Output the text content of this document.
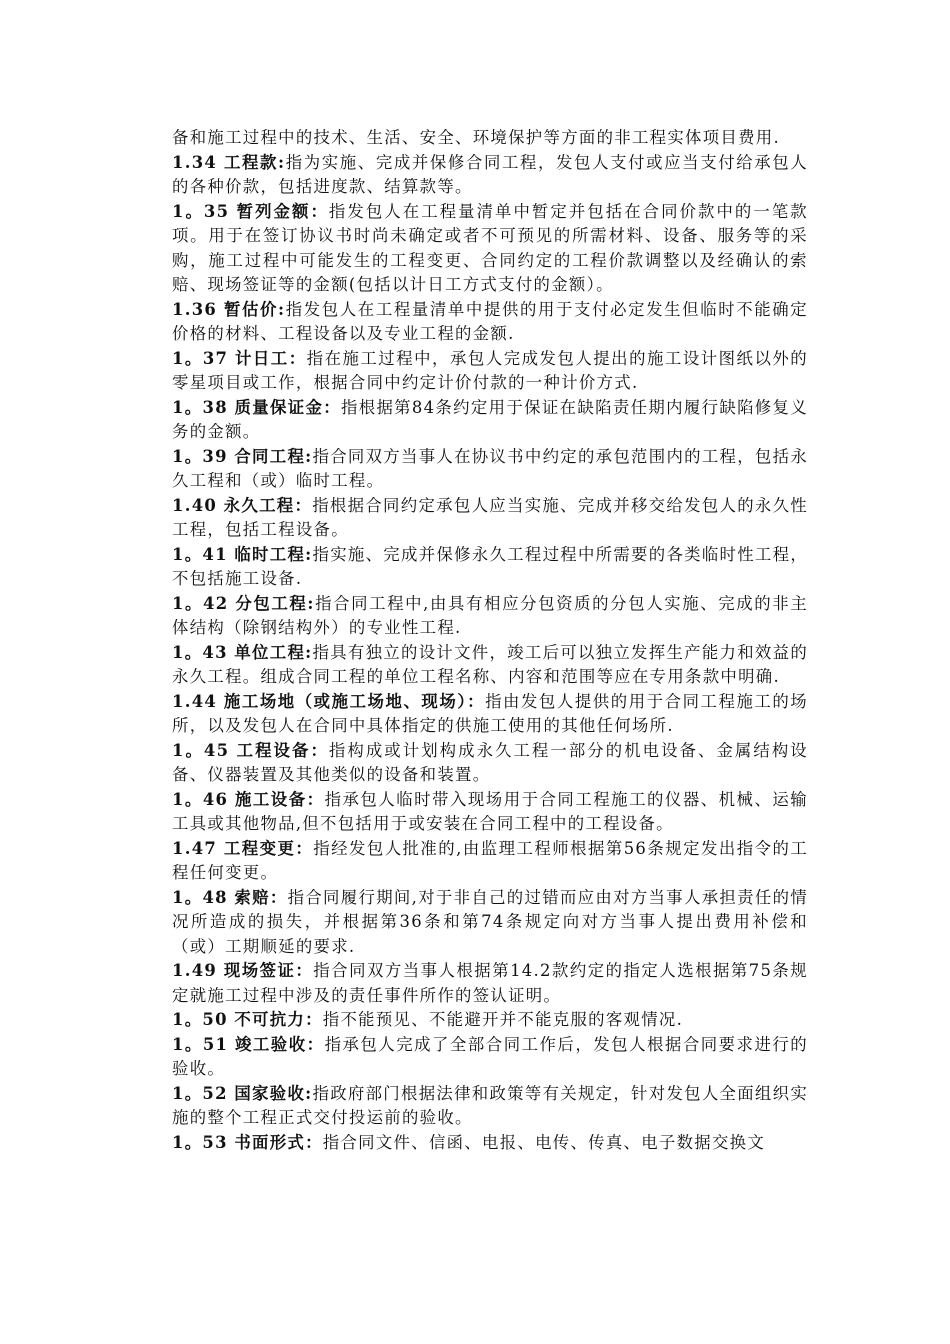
备和施工过程中的技术、生活、安全、环境保护等方面的非工程实体项目费用.

1.34 工程款:指为实施、完成并保修合同工程，发包人支付或应当支付给承包人的各种价款，包括进度款、结算款等。

1。35 暂列金额：指发包人在工程量清单中暂定并包括在合同价款中的一笔款项。用于在签订协议书时尚未确定或者不可预见的所需材料、设备、服务等的采购，施工过程中可能发生的工程变更、合同约定的工程价款调整以及经确认的索赔、现场签证等的金额(包括以计日工方式支付的金额）。

1.36 暂估价:指发包人在工程量清单中提供的用于支付必定发生但临时不能确定价格的材料、工程设备以及专业工程的金额.

1。37 计日工：指在施工过程中，承包人完成发包人提出的施工设计图纸以外的零星项目或工作，根据合同中约定计价付款的一种计价方式.

1。38 质量保证金：指根据第84条约定用于保证在缺陷责任期内履行缺陷修复义务的金额。

1。39 合同工程:指合同双方当事人在协议书中约定的承包范围内的工程，包括永久工程和（或）临时工程。

1.40 永久工程：指根据合同约定承包人应当实施、完成并移交给发包人的永久性工程，包括工程设备。

1。41 临时工程:指实施、完成并保修永久工程过程中所需要的各类临时性工程，不包括施工设备.

1。42 分包工程:指合同工程中,由具有相应分包资质的分包人实施、完成的非主体结构（除钢结构外）的专业性工程.

1。43 单位工程:指具有独立的设计文件，竣工后可以独立发挥生产能力和效益的永久工程。组成合同工程的单位工程名称、内容和范围等应在专用条款中明确.

1.44 施工场地（或施工场地、现场）：指由发包人提供的用于合同工程施工的场所，以及发包人在合同中具体指定的供施工使用的其他任何场所.

1。45 工程设备：指构成或计划构成永久工程一部分的机电设备、金属结构设备、仪器装置及其他类似的设备和装置。

1。46 施工设备：指承包人临时带入现场用于合同工程施工的仪器、机械、运输工具或其他物品,但不包括用于或安装在合同工程中的工程设备。

1.47 工程变更：指经发包人批准的,由监理工程师根据第56条规定发出指令的工程任何变更。

1。48 索赔：指合同履行期间,对于非自己的过错而应由对方当事人承担责任的情况所造成的损失，并根据第36条和第74条规定向对方当事人提出费用补偿和（或）工期顺延的要求.

1.49 现场签证：指合同双方当事人根据第14.2款约定的指定人选根据第75条规定就施工过程中涉及的责任事件所作的签认证明。

1。50 不可抗力：指不能预见、不能避开并不能克服的客观情况.

1。51 竣工验收：指承包人完成了全部合同工作后，发包人根据合同要求进行的验收。

1。52 国家验收:指政府部门根据法律和政策等有关规定，针对发包人全面组织实施的整个工程正式交付投运前的验收。

1。53 书面形式：指合同文件、信函、电报、电传、传真、电子数据交换文
